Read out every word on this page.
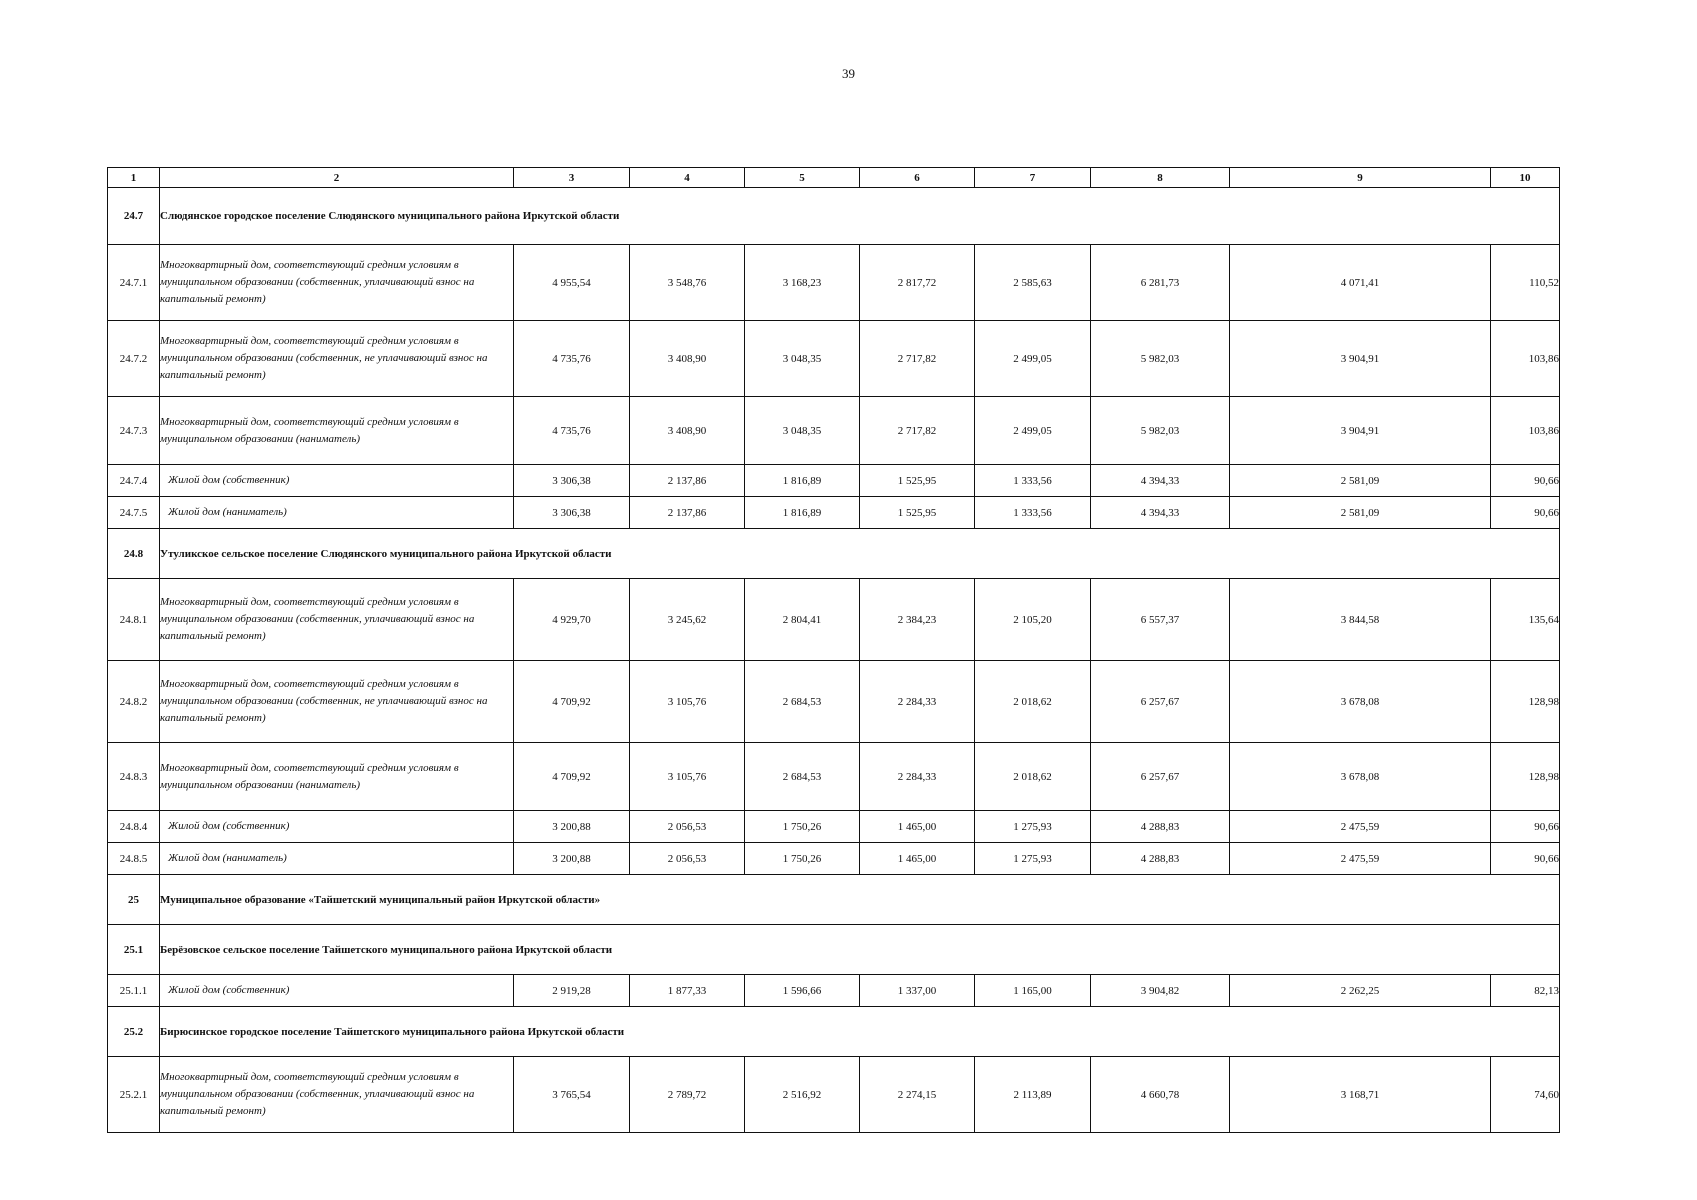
39
1	2	3	4	5	6	7	8	9	10
24.7	Слюдянское городское поселение Слюдянского муниципального района Иркутской области								
24.7.1	Многоквартирный дом, соответствующий средним условиям в муниципальном образовании (собственник, уплачивающий взнос на капитальный ремонт)	4 955,54	3 548,76	3 168,23	2 817,72	2 585,63	6 281,73	4 071,41	110,52
24.7.2	Многоквартирный дом, соответствующий средним условиям в муниципальном образовании (собственник, не уплачивающий взнос на капитальный ремонт)	4 735,76	3 408,90	3 048,35	2 717,82	2 499,05	5 982,03	3 904,91	103,86
24.7.3	Многоквартирный дом, соответствующий средним условиям в муниципальном образовании (наниматель)	4 735,76	3 408,90	3 048,35	2 717,82	2 499,05	5 982,03	3 904,91	103,86
24.7.4	Жилой дом (собственник)	3 306,38	2 137,86	1 816,89	1 525,95	1 333,56	4 394,33	2 581,09	90,66
24.7.5	Жилой дом (наниматель)	3 306,38	2 137,86	1 816,89	1 525,95	1 333,56	4 394,33	2 581,09	90,66
24.8	Утуликское сельское поселение Слюдянского муниципального района Иркутской области								
24.8.1	Многоквартирный дом, соответствующий средним условиям в муниципальном образовании (собственник, уплачивающий взнос на капитальный ремонт)	4 929,70	3 245,62	2 804,41	2 384,23	2 105,20	6 557,37	3 844,58	135,64
24.8.2	Многоквартирный дом, соответствующий средним условиям в муниципальном образовании (собственник, не уплачивающий взнос на капитальный ремонт)	4 709,92	3 105,76	2 684,53	2 284,33	2 018,62	6 257,67	3 678,08	128,98
24.8.3	Многоквартирный дом, соответствующий средним условиям в муниципальном образовании (наниматель)	4 709,92	3 105,76	2 684,53	2 284,33	2 018,62	6 257,67	3 678,08	128,98
24.8.4	Жилой дом (собственник)	3 200,88	2 056,53	1 750,26	1 465,00	1 275,93	4 288,83	2 475,59	90,66
24.8.5	Жилой дом (наниматель)	3 200,88	2 056,53	1 750,26	1 465,00	1 275,93	4 288,83	2 475,59	90,66
25	Муниципальное образование «Тайшетский муниципальный район Иркутской области»								
25.1	Берёзовское сельское поселение Тайшетского муниципального района Иркутской области								
25.1.1	Жилой дом (собственник)	2 919,28	1 877,33	1 596,66	1 337,00	1 165,00	3 904,82	2 262,25	82,13
25.2	Бирюсинское городское поселение Тайшетского муниципального района Иркутской области								
25.2.1	Многоквартирный дом, соответствующий средним условиям в муниципальном образовании (собственник, уплачивающий взнос на капитальный ремонт)	3 765,54	2 789,72	2 516,92	2 274,15	2 113,89	4 660,78	3 168,71	74,60
